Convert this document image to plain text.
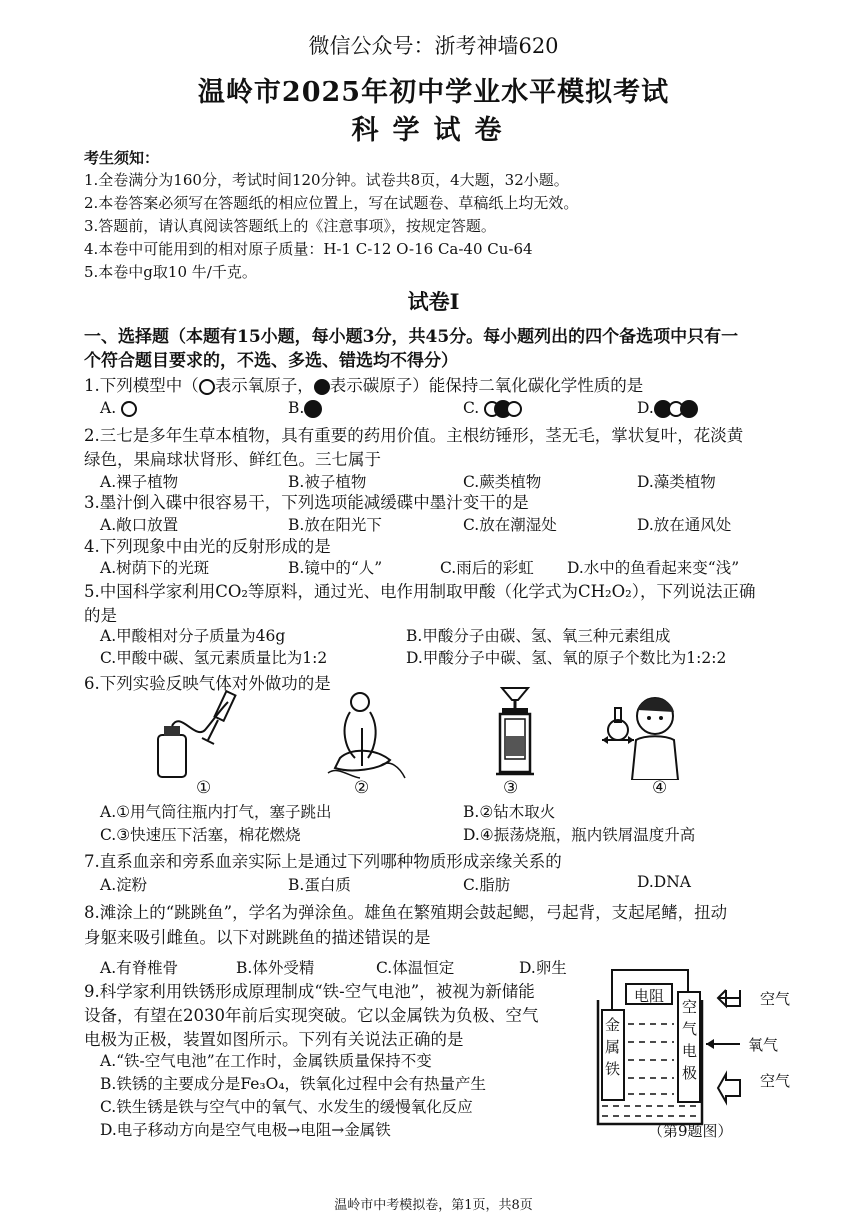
微信公众号：浙考神墙620
温岭市2025年初中学业水平模拟考试
科学试卷
考生须知：
1.全卷满分为160分，考试时间120分钟。试卷共8页，4大题，32小题。
2.本卷答案必须写在答题纸的相应位置上，写在试题卷、草稿纸上均无效。
3.答题前，请认真阅读答题纸上的《注意事项》，按规定答题。
4.本卷中可能用到的相对原子质量：H-1 C-12 O-16 Ca-40 Cu-64
5.本卷中g取10 牛/千克。
试卷Ⅰ
一、选择题（本题有15小题，每小题3分，共45分。每小题列出的四个备选项中只有一
个符合题目要求的，不选、多选、错选均不得分）
1.下列模型中（ 表示氧原子， 表示碳原子）能保持二氧化碳化学性质的是
A.	B.	C.	D.
2.三七是多年生草本植物，具有重要的药用价值。主根纺锤形，茎无毛，掌状复叶，花淡黄
绿色，果扁球状肾形、鲜红色。三七属于
A.裸子植物	B.被子植物	C.蕨类植物	D.藻类植物
3.墨汁倒入碟中很容易干，下列选项能减缓碟中墨汁变干的是
A.敞口放置	B.放在阳光下	C.放在潮湿处	D.放在通风处
4.下列现象中由光的反射形成的是
A.树荫下的光斑	B.镜中的“人”	C.雨后的彩虹 D.水中的鱼看起来变“浅”
5.中国科学家利用CO₂等原料，通过光、电作用制取甲酸（化学式为CH₂O₂），下列说法正确
的是
A.甲酸相对分子质量为46g	B.甲酸分子由碳、氢、氧三种元素组成
C.甲酸中碳、氢元素质量比为1:2	D.甲酸分子中碳、氢、氧的原子个数比为1:2:2
6.下列实验反映气体对外做功的是
①	②	③	④
A.①用气筒往瓶内打气，塞子跳出	B.②钻木取火
C.③快速压下活塞，棉花燃烧	D.④振荡烧瓶，瓶内铁屑温度升高
7.直系血亲和旁系血亲实际上是通过下列哪种物质形成亲缘关系的
A.淀粉	B.蛋白质	C.脂肪	D.DNA
8.滩涂上的“跳跳鱼”，学名为弹涂鱼。雄鱼在繁殖期会鼓起鳃，弓起背，支起尾鳍，扭动
身躯来吸引雌鱼。以下对跳跳鱼的描述错误的是
A.有脊椎骨	B.体外受精	C.体温恒定	D.卵生
9.科学家利用铁锈形成原理制成“铁-空气电池”，被视为新储能
设备，有望在2030年前后实现突破。它以金属铁为负极、空气
电极为正极，装置如图所示。下列有关说法正确的是
A.“铁-空气电池”在工作时，金属铁质量保持不变
B.铁锈的主要成分是Fe₃O₄，铁氧化过程中会有热量产生
C.铁生锈是铁与空气中的氧气、水发生的缓慢氧化反应
D.电子移动方向是空气电极→电阻→金属铁
电阻
金
属
铁
空
气
电
极
空气
氧气
空气
（第9题图）
温岭市中考模拟卷，第1页，共8页
